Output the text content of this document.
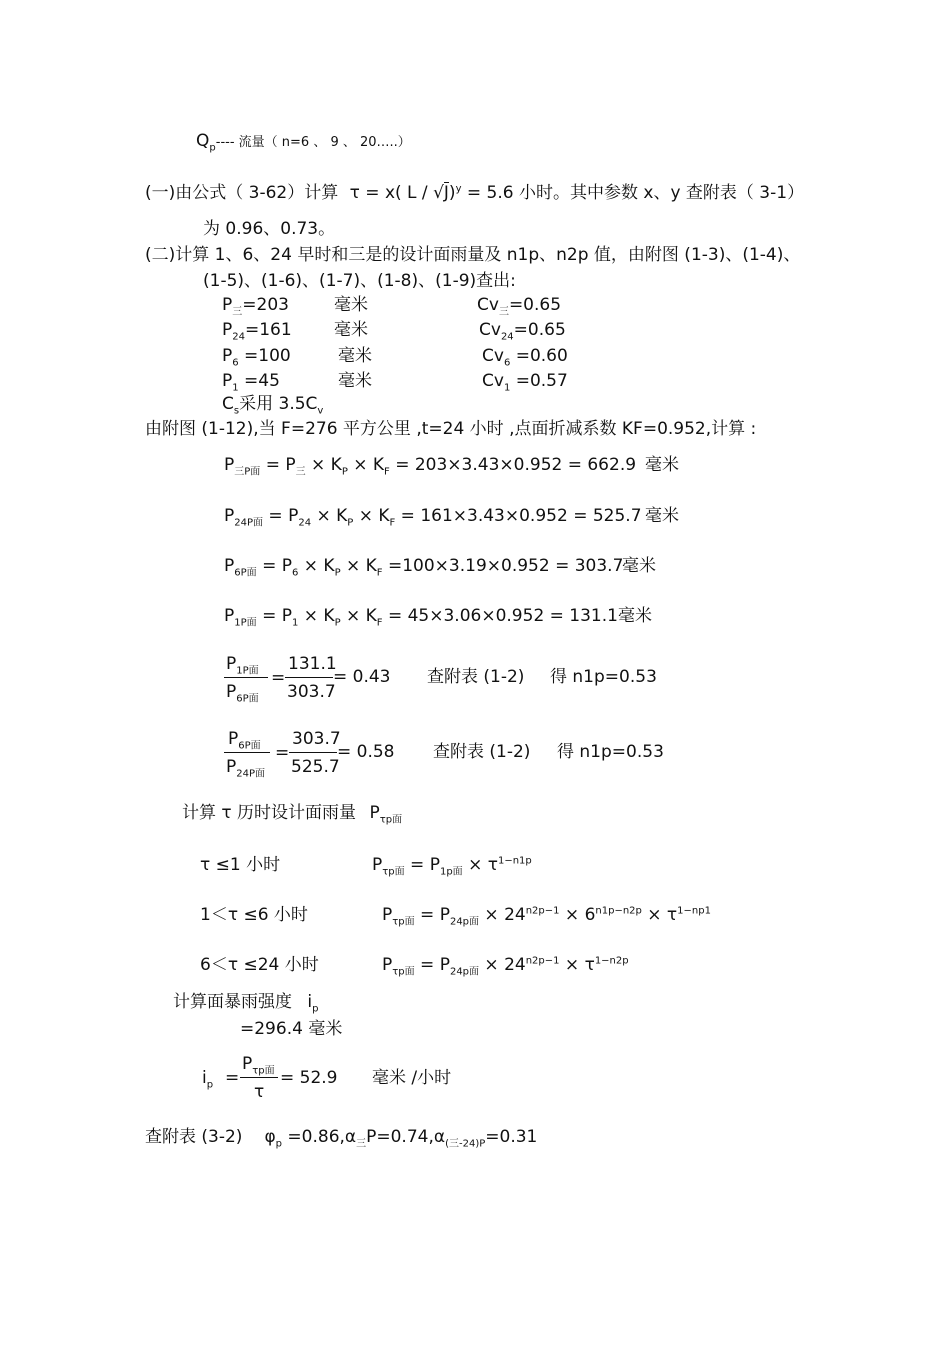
$Q_p----$ 流量（ n=6 、 9 、 20…..）
(一)由公式（ 3-62）计算 τ = x( L / √J)$^y$ = 5.6 小时。其中参数 x、y 查附表（ 3-1）
为 0.96、0.73。
(二)计算 1、6、24 早时和三是的设计面雨量及 n1p、n2p 值，由附图 (1-3)、(1-4)、
(1-5)、(1-6)、(1-7)、(1-8)、(1-9)查出:
$P_三=203$	毫米	$Cv_三=0.65$
$P_{24}=161$ 毫米	$Cv_{24}=0.65$
$P_6 =100$	毫米	$Cv_6 =0.60$
$P_1 =45$	毫米	$Cv_1 =0.57$
$C_s$采用 $3.5C_v$
由附图 (1-12),当 F=276 平方公里 ,t=24 小时 ,点面折减系数 KF=0.952,计算 :
$P_{三P面} = P_三 \times K_P \times K_F = 203\times 3.43\times 0.952 = 662.9$ 毫米
$P_{24P面} = P_{24} \times K_P \times K_F = 161\times 3.43\times 0.952 = 525.7$ 毫米
$P_{6P面} = P_6 \times K_P \times K_F =100\times 3.19\times 0.952 = 303.7$
毫米
$P_{1P面} = P_1 \times K_P \times K_F = 45\times 3.06\times 0.952 = 131.1$ 毫米
$P_{1P面}$
$P_{6P面}$
=
131.1
303.7
= 0.43 查附表 (1-2) 得 n1p=0.53
$P_{6P面}$
$P_{24P面}$
=
303.7
525.7
= 0.58 查附表 (1-2) 得 n1p=0.53
计算 τ 历时设计面雨量 $P_{\tau p面}$
τ ≤1 小时	$P_{\tau p面} = P_{1p面} \times \tau^{1-n1p}$
1＜τ ≤6 小时	$P_{\tau p面} = P_{24p面} \times 24^{n2p-1} \times 6^{n1p-n2p} \times \tau^{1-np1}$
6＜τ ≤24 小时	$P_{\tau p面} = P_{24p面} \times 24^{n2p-1} \times \tau^{1-n2p}$
计算面暴雨强度 $i_p$
=296.4 毫米
$i_p$ =
$P_{\tau p面}$
τ
= 52.9 毫米 /小时
查附表 (3-2) $\varphi_p =0.86,\alpha_三P=0.74,\alpha_{(三-24)P}=0.31$
